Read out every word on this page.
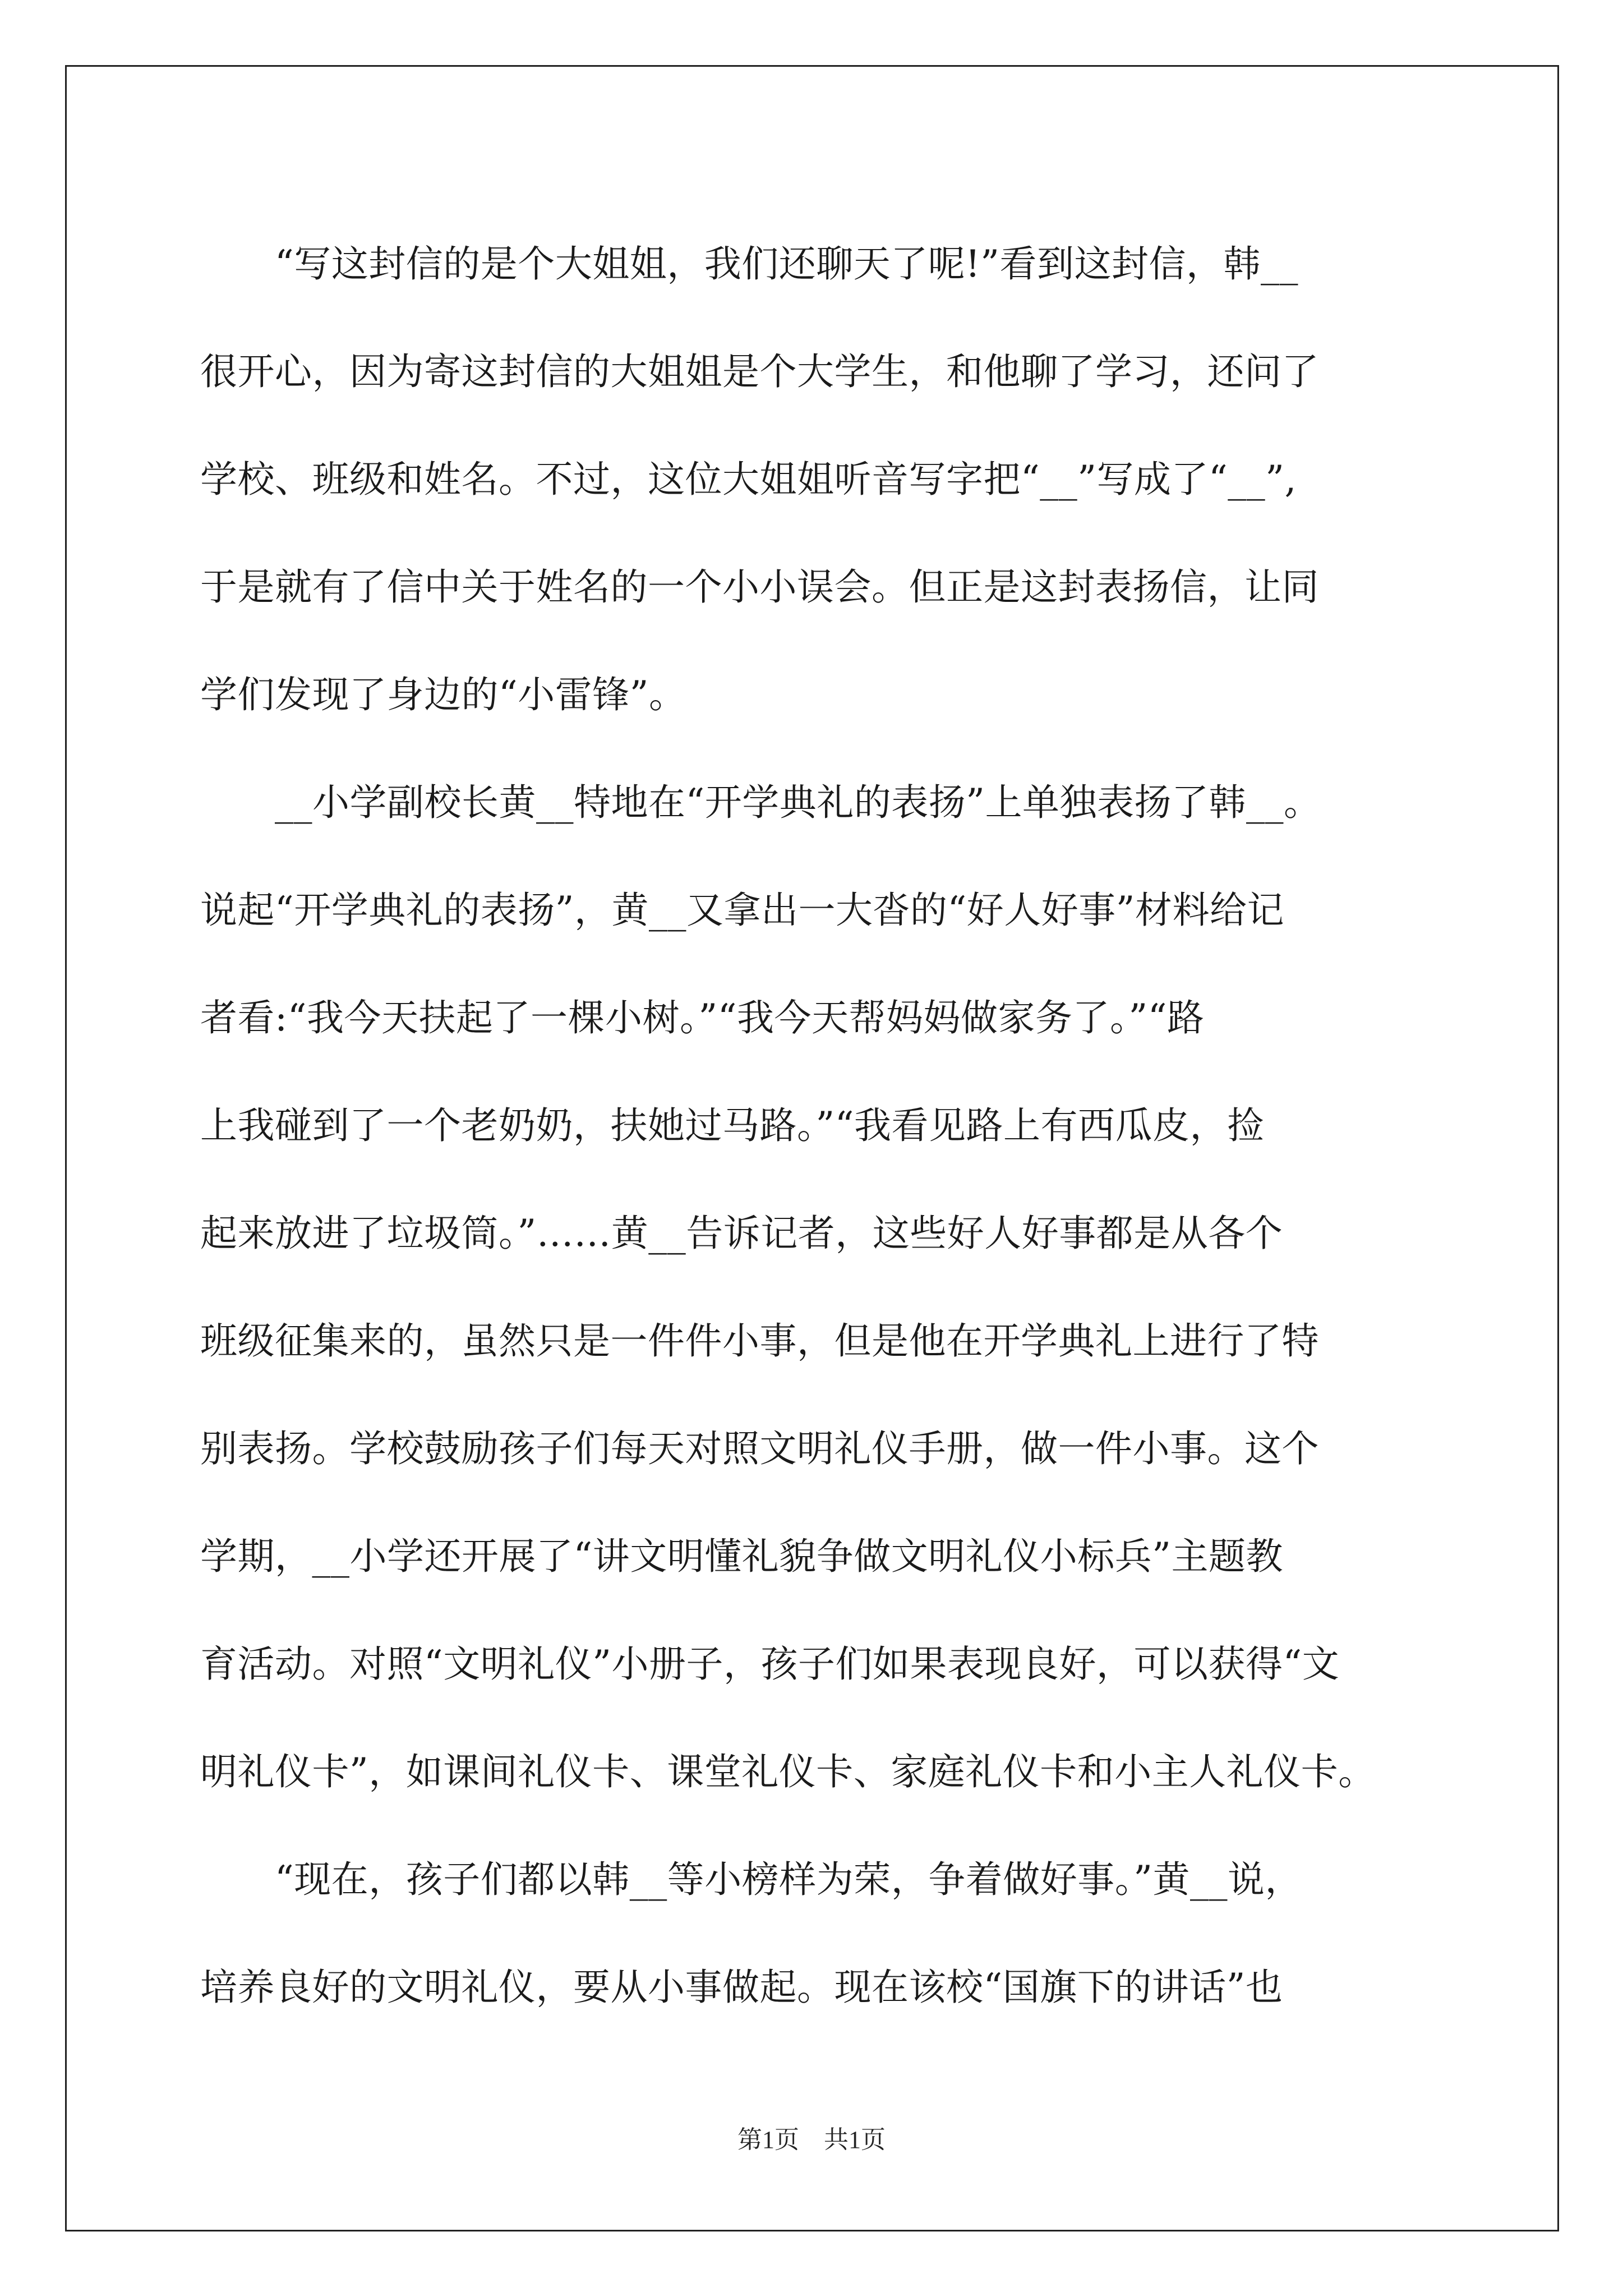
　　“写这封信的是个大姐姐，我们还聊天了呢!”看到这封信，韩__
很开心，因为寄这封信的大姐姐是个大学生，和他聊了学习，还问了
学校、班级和姓名。不过，这位大姐姐听音写字把“__”写成了“__”,
于是就有了信中关于姓名的一个小小误会。但正是这封表扬信，让同
学们发现了身边的“小雷锋”。
　　__小学副校长黄__特地在“开学典礼的表扬”上单独表扬了韩__。
说起“开学典礼的表扬”，黄__又拿出一大沓的“好人好事”材料给记
者看:“我今天扶起了一棵小树。”“我今天帮妈妈做家务了。”“路
上我碰到了一个老奶奶，扶她过马路。”“我看见路上有西瓜皮，捡
起来放进了垃圾筒。”……黄__告诉记者，这些好人好事都是从各个
班级征集来的，虽然只是一件件小事，但是他在开学典礼上进行了特
别表扬。学校鼓励孩子们每天对照文明礼仪手册，做一件小事。这个
学期，__小学还开展了“讲文明懂礼貌争做文明礼仪小标兵”主题教
育活动。对照“文明礼仪”小册子，孩子们如果表现良好，可以获得“文
明礼仪卡”，如课间礼仪卡、课堂礼仪卡、家庭礼仪卡和小主人礼仪卡。
　　“现在，孩子们都以韩__等小榜样为荣，争着做好事。”黄__说，
培养良好的文明礼仪，要从小事做起。现在该校“国旗下的讲话”也
第1页　共1页
